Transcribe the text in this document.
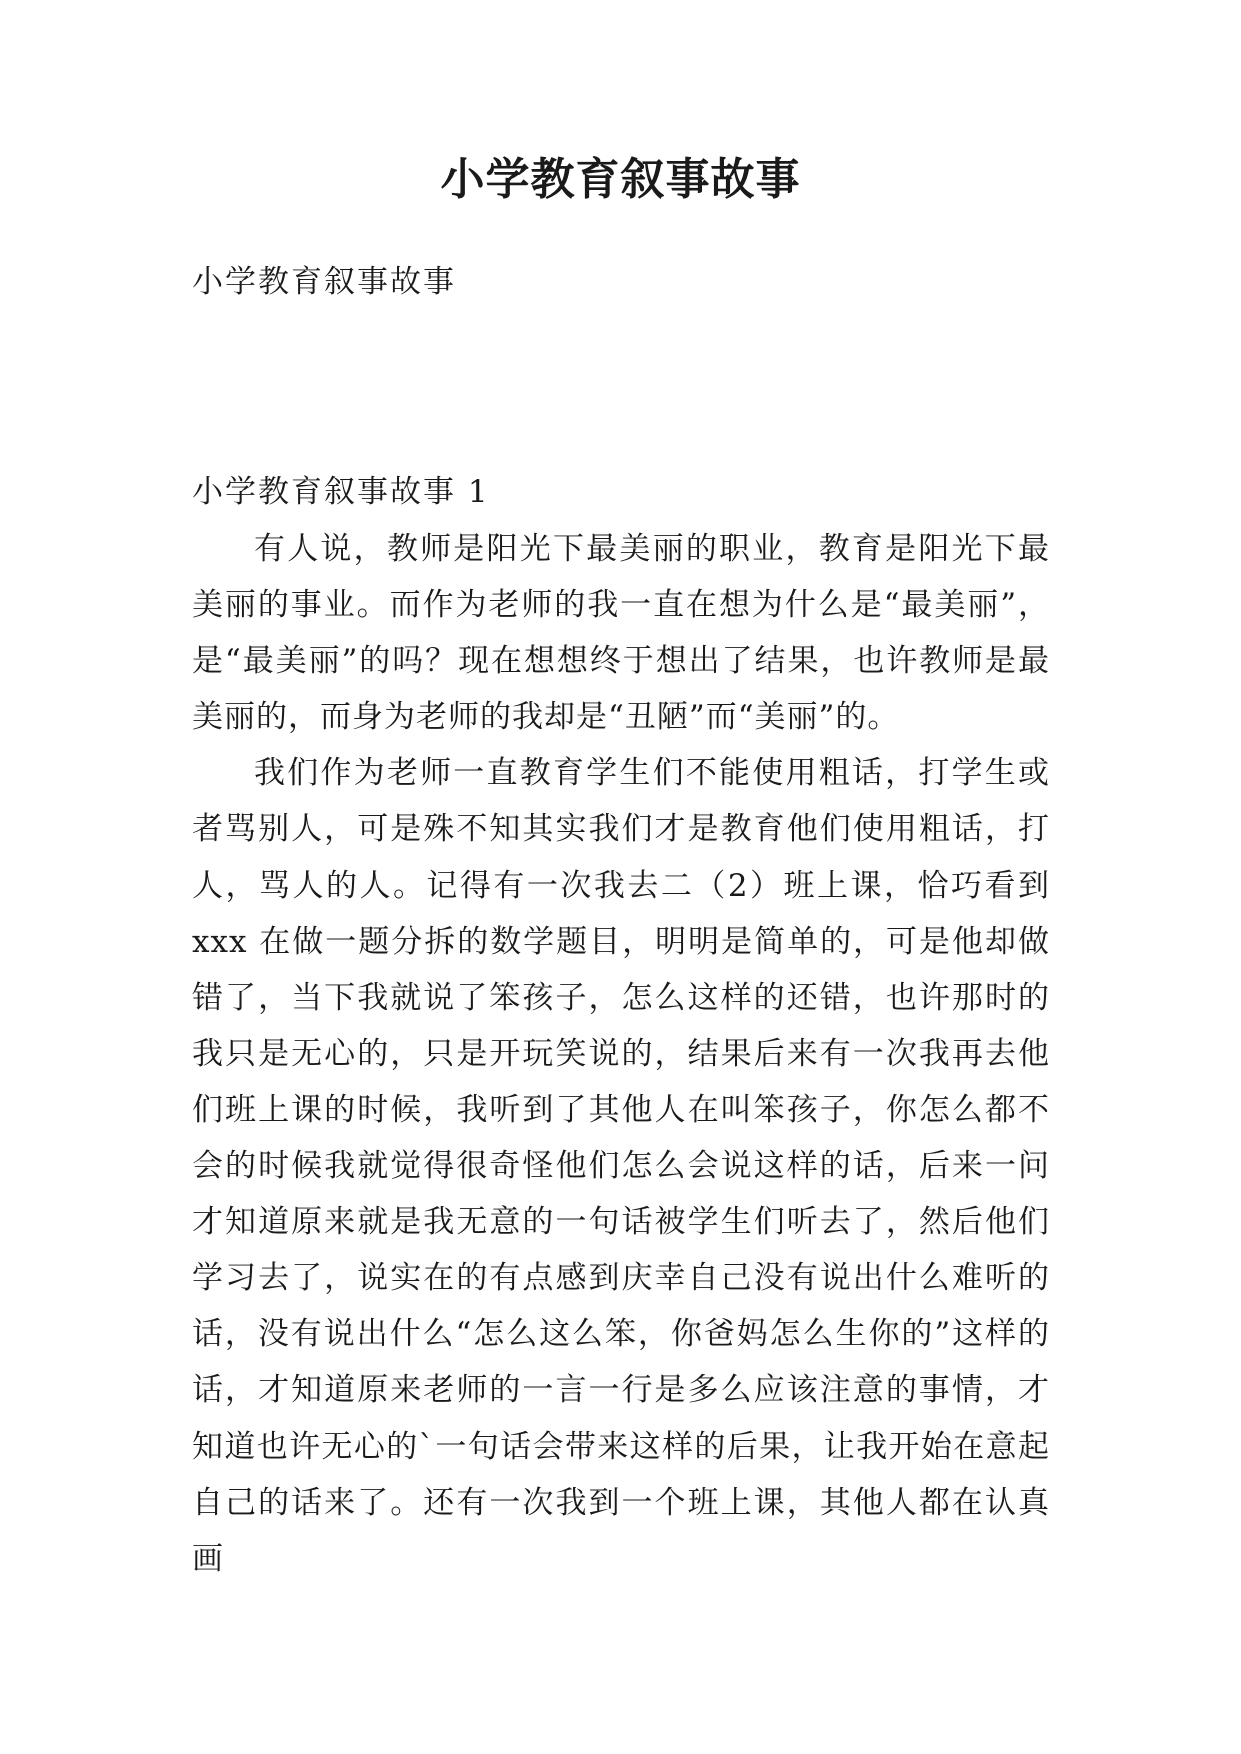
小学教育叙事故事
小学教育叙事故事
小学教育叙事故事 1

有人说，教师是阳光下最美丽的职业，教育是阳光下最美丽的事业。而作为老师的我一直在想为什么是“最美丽”，是“最美丽”的吗？现在想想终于想出了结果，也许教师是最美丽的，而身为老师的我却是“丑陋”而“美丽”的。

我们作为老师一直教育学生们不能使用粗话，打学生或者骂别人，可是殊不知其实我们才是教育他们使用粗话，打人，骂人的人。记得有一次我去二（2）班上课，恰巧看到 xxx 在做一题分拆的数学题目，明明是简单的，可是他却做错了，当下我就说了笨孩子，怎么这样的还错，也许那时的我只是无心的，只是开玩笑说的，结果后来有一次我再去他们班上课的时候，我听到了其他人在叫笨孩子，你怎么都不会的时候我就觉得很奇怪他们怎么会说这样的话，后来一问才知道原来就是我无意的一句话被学生们听去了，然后他们学习去了，说实在的有点感到庆幸自己没有说出什么难听的话，没有说出什么“怎么这么笨，你爸妈怎么生你的”这样的话，才知道原来老师的一言一行是多么应该注意的事情，才知道也许无心的`一句话会带来这样的后果，让我开始在意起自己的话来了。还有一次我到一个班上课，其他人都在认真画
